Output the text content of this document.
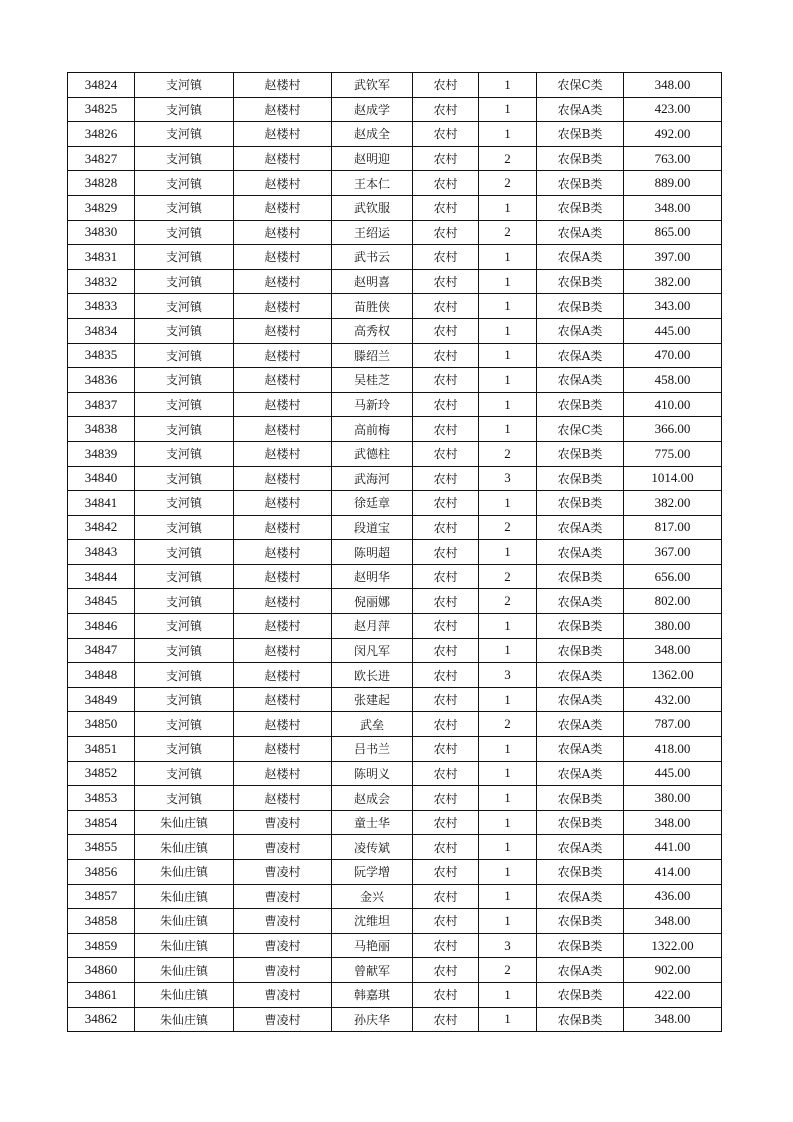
34824	支河镇	赵楼村	武钦军	农村	1	农保C类	348.00
34825	支河镇	赵楼村	赵成学	农村	1	农保A类	423.00
34826	支河镇	赵楼村	赵成全	农村	1	农保B类	492.00
34827	支河镇	赵楼村	赵明迎	农村	2	农保B类	763.00
34828	支河镇	赵楼村	王本仁	农村	2	农保B类	889.00
34829	支河镇	赵楼村	武钦服	农村	1	农保B类	348.00
34830	支河镇	赵楼村	王绍运	农村	2	农保A类	865.00
34831	支河镇	赵楼村	武书云	农村	1	农保A类	397.00
34832	支河镇	赵楼村	赵明喜	农村	1	农保B类	382.00
34833	支河镇	赵楼村	苗胜侠	农村	1	农保B类	343.00
34834	支河镇	赵楼村	高秀权	农村	1	农保A类	445.00
34835	支河镇	赵楼村	滕绍兰	农村	1	农保A类	470.00
34836	支河镇	赵楼村	吴桂芝	农村	1	农保A类	458.00
34837	支河镇	赵楼村	马新玲	农村	1	农保B类	410.00
34838	支河镇	赵楼村	高前梅	农村	1	农保C类	366.00
34839	支河镇	赵楼村	武德柱	农村	2	农保B类	775.00
34840	支河镇	赵楼村	武海河	农村	3	农保B类	1014.00
34841	支河镇	赵楼村	徐廷章	农村	1	农保B类	382.00
34842	支河镇	赵楼村	段道宝	农村	2	农保A类	817.00
34843	支河镇	赵楼村	陈明超	农村	1	农保A类	367.00
34844	支河镇	赵楼村	赵明华	农村	2	农保B类	656.00
34845	支河镇	赵楼村	倪丽娜	农村	2	农保A类	802.00
34846	支河镇	赵楼村	赵月萍	农村	1	农保B类	380.00
34847	支河镇	赵楼村	闵凡军	农村	1	农保B类	348.00
34848	支河镇	赵楼村	欧长进	农村	3	农保A类	1362.00
34849	支河镇	赵楼村	张建起	农村	1	农保A类	432.00
34850	支河镇	赵楼村	武垒	农村	2	农保A类	787.00
34851	支河镇	赵楼村	吕书兰	农村	1	农保A类	418.00
34852	支河镇	赵楼村	陈明义	农村	1	农保A类	445.00
34853	支河镇	赵楼村	赵成会	农村	1	农保B类	380.00
34854	朱仙庄镇	曹凌村	童士华	农村	1	农保B类	348.00
34855	朱仙庄镇	曹凌村	凌传斌	农村	1	农保A类	441.00
34856	朱仙庄镇	曹凌村	阮学增	农村	1	农保B类	414.00
34857	朱仙庄镇	曹凌村	金兴	农村	1	农保A类	436.00
34858	朱仙庄镇	曹凌村	沈维坦	农村	1	农保B类	348.00
34859	朱仙庄镇	曹凌村	马艳丽	农村	3	农保B类	1322.00
34860	朱仙庄镇	曹凌村	曾献军	农村	2	农保A类	902.00
34861	朱仙庄镇	曹凌村	韩嘉琪	农村	1	农保B类	422.00
34862	朱仙庄镇	曹凌村	孙庆华	农村	1	农保B类	348.00
